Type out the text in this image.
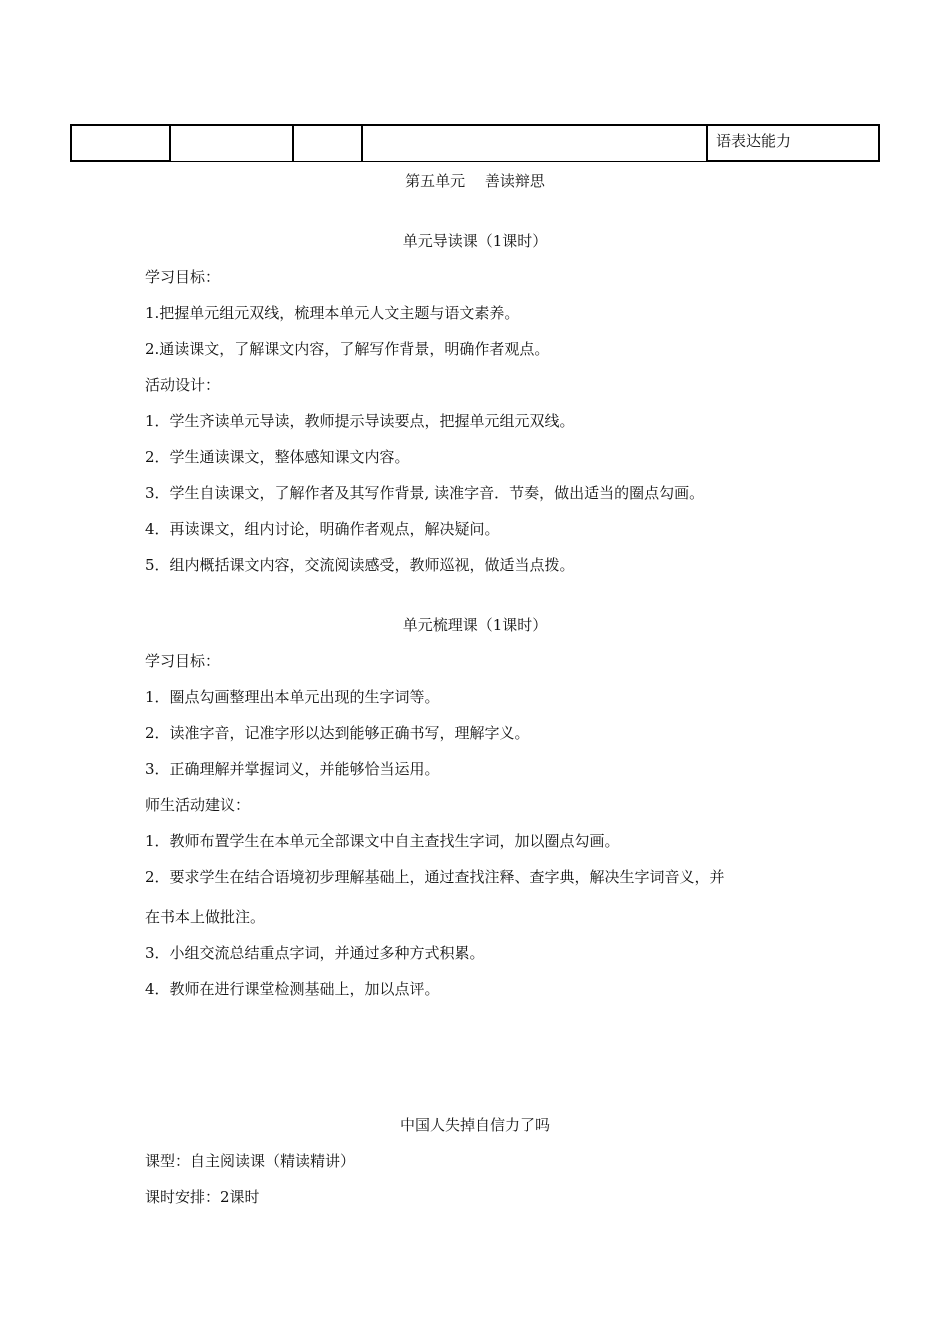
语表达能力
第五单元　 善读辩思
单元导读课（1课时）
学习目标：
1.把握单元组元双线，梳理本单元人文主题与语文素养。
2.通读课文，了解课文内容，了解写作背景，明确作者观点。
活动设计：
1．学生齐读单元导读，教师提示导读要点，把握单元组元双线。
2．学生通读课文，整体感知课文内容。
3．学生自读课文，了解作者及其写作背景, 读准字音．节奏，做出适当的圈点勾画。
4．再读课文，组内讨论，明确作者观点，解决疑问。
5．组内概括课文内容，交流阅读感受，教师巡视，做适当点拨。
单元梳理课（1课时）
学习目标：
1．圈点勾画整理出本单元出现的生字词等。
2．读准字音，记准字形以达到能够正确书写，理解字义。
3．正确理解并掌握词义，并能够恰当运用。
师生活动建议：
1．教师布置学生在本单元全部课文中自主查找生字词，加以圈点勾画。
2．要求学生在结合语境初步理解基础上，通过查找注释、查字典，解决生字词音义，并
在书本上做批注。
3．小组交流总结重点字词，并通过多种方式积累。
4．教师在进行课堂检测基础上，加以点评。
中国人失掉自信力了吗
课型：自主阅读课（精读精讲）
课时安排：2课时
